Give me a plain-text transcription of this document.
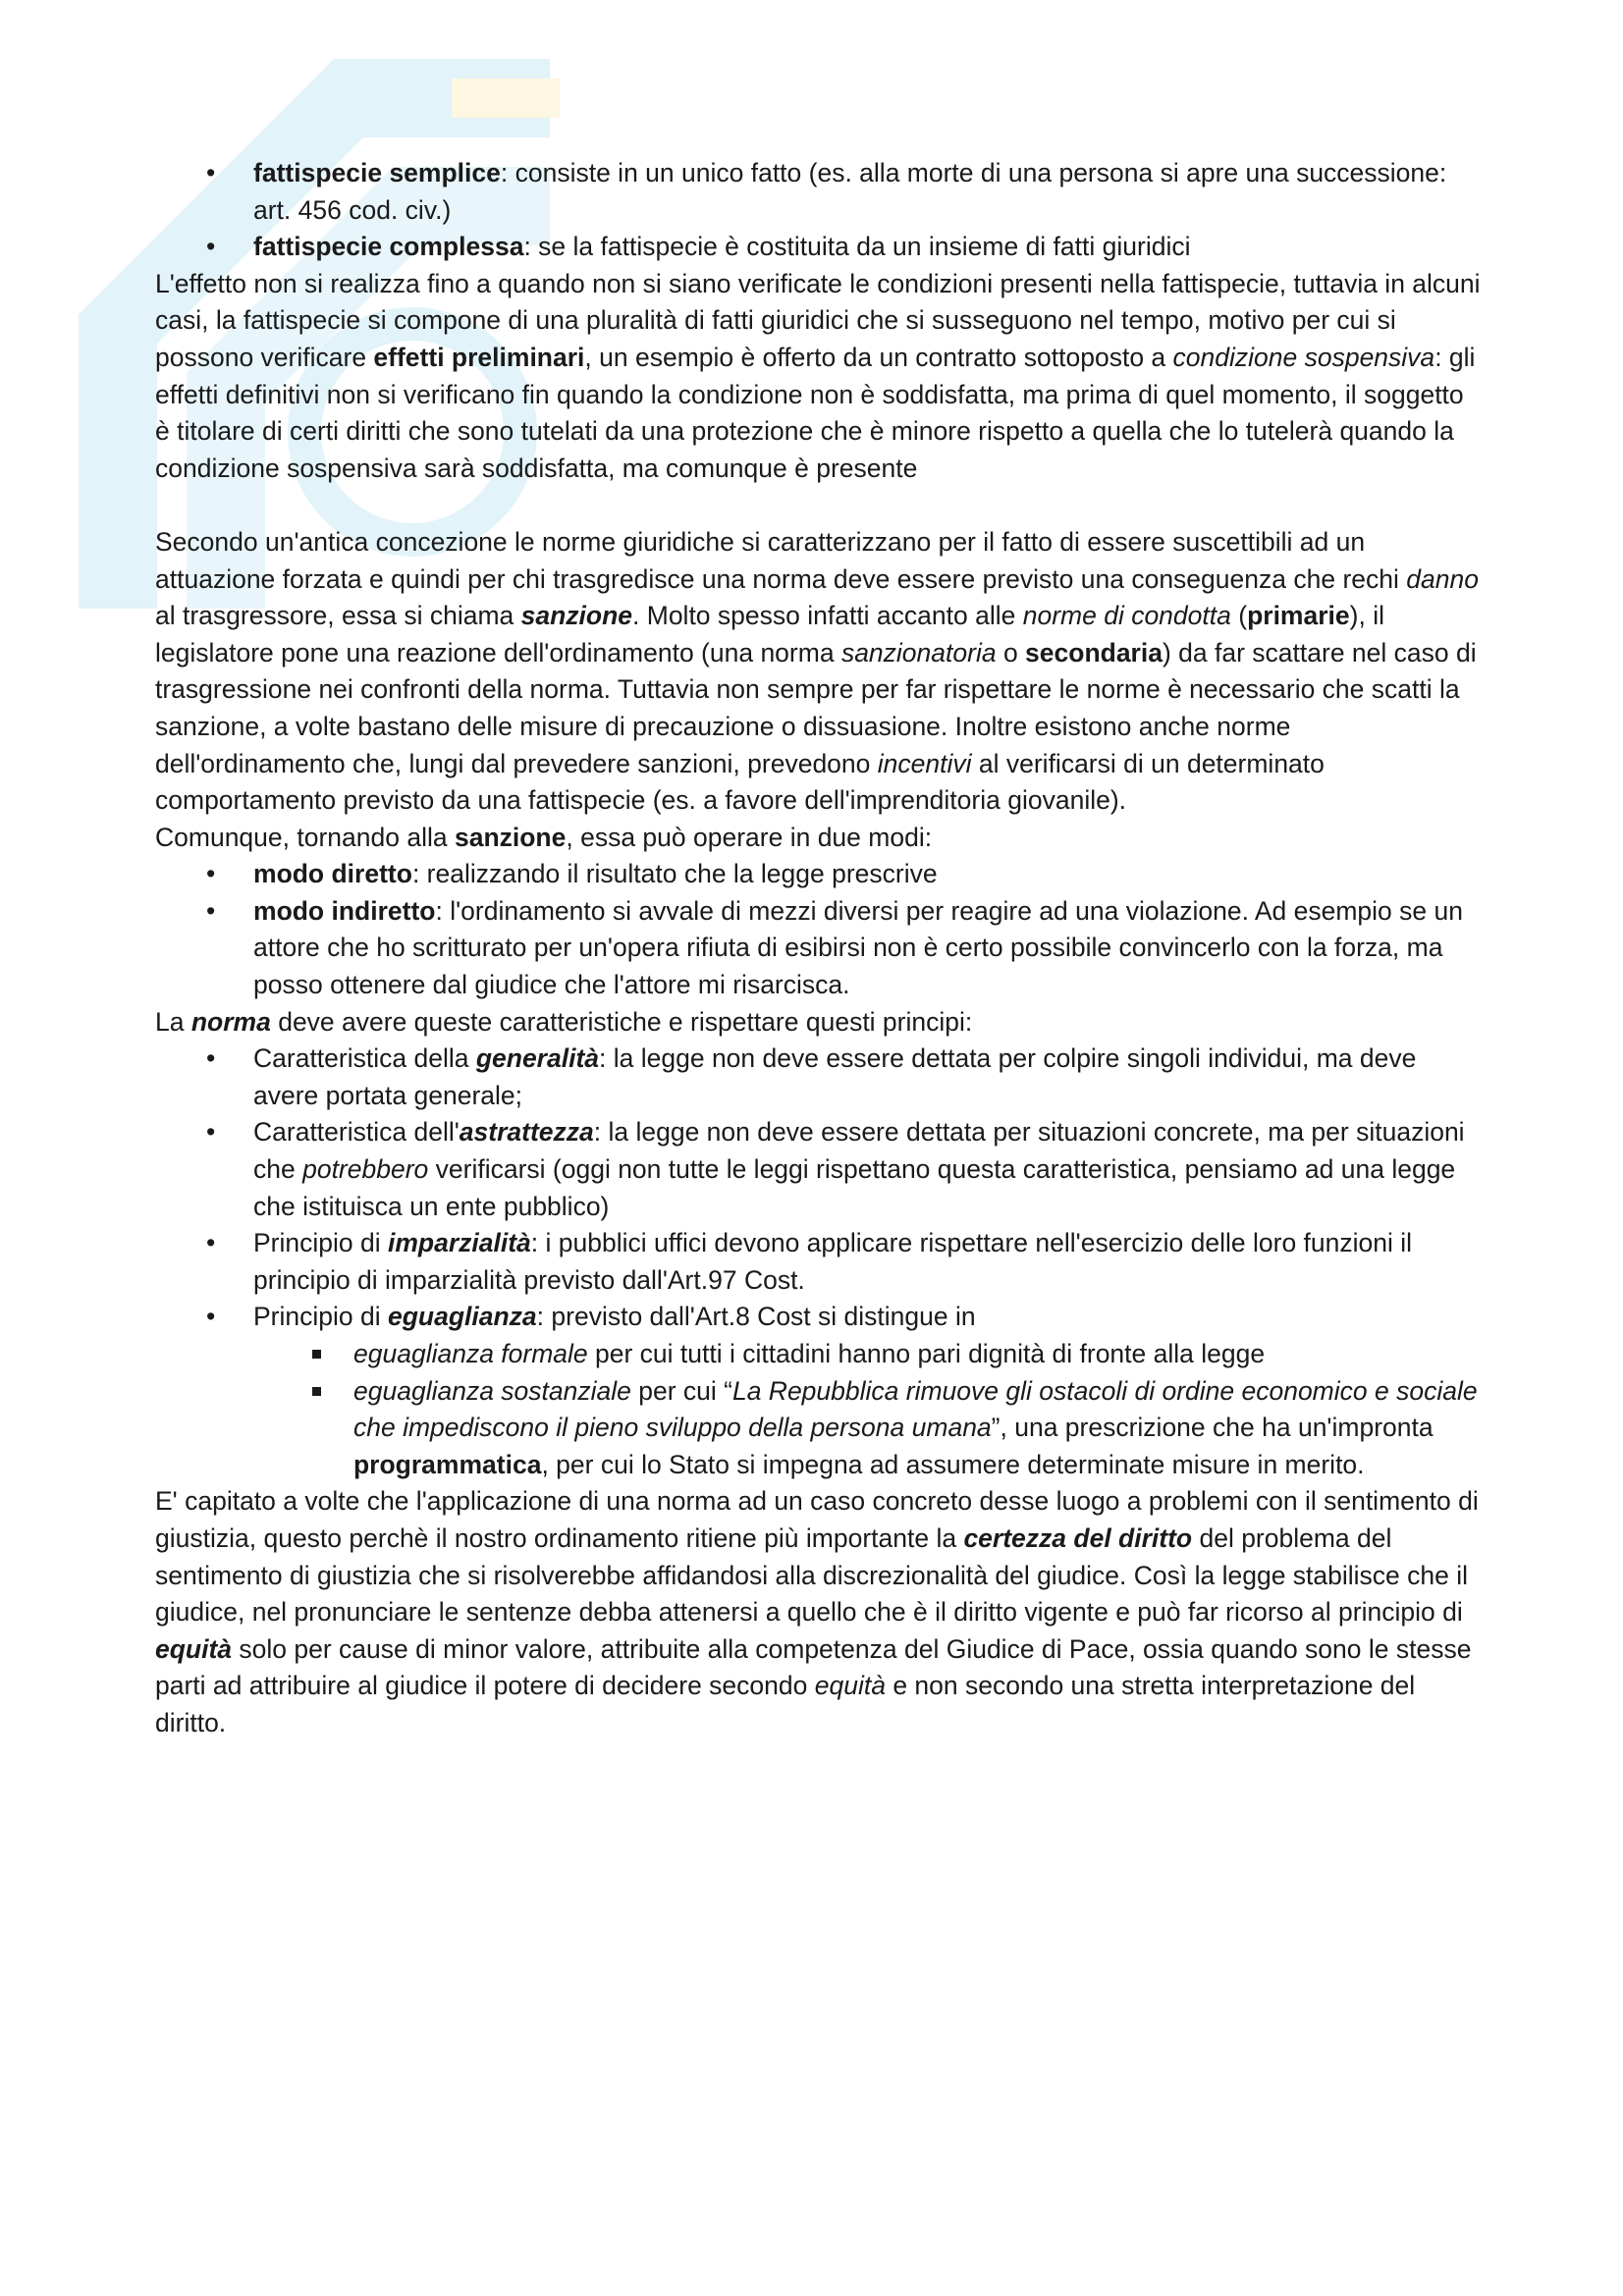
• fattispecie semplice: consiste in un unico fatto (es. alla morte di una persona si apre una successione: art. 456 cod. civ.)
• fattispecie complessa: se la fattispecie è costituita da un insieme di fatti giuridici

L'effetto non si realizza fino a quando non si siano verificate le condizioni presenti nella fattispecie, tuttavia in alcuni casi, la fattispecie si compone di una pluralità di fatti giuridici che si susseguono nel tempo, motivo per cui si possono verificare effetti preliminari, un esempio è offerto da un contratto sottoposto a condizione sospensiva: gli effetti definitivi non si verificano fin quando la condizione non è soddisfatta, ma prima di quel momento, il soggetto è titolare di certi diritti che sono tutelati da una protezione che è minore rispetto a quella che lo tutelerà quando la condizione sospensiva sarà soddisfatta, ma comunque è presente

Secondo un'antica concezione le norme giuridiche si caratterizzano per il fatto di essere suscettibili ad un attuazione forzata e quindi per chi trasgredisce una norma deve essere previsto una conseguenza che rechi danno al trasgressore, essa si chiama sanzione. Molto spesso infatti accanto alle norme di condotta (primarie), il legislatore pone una reazione dell'ordinamento (una norma sanzionatoria o secondaria) da far scattare nel caso di trasgressione nei confronti della norma. Tuttavia non sempre per far rispettare le norme è necessario che scatti la sanzione, a volte bastano delle misure di precauzione o dissuasione. Inoltre esistono anche norme dell'ordinamento che, lungi dal prevedere sanzioni, prevedono incentivi al verificarsi di un determinato comportamento previsto da una fattispecie (es. a favore dell'imprenditoria giovanile).

Comunque, tornando alla sanzione, essa può operare in due modi:

• modo diretto: realizzando il risultato che la legge prescrive
• modo indiretto: l'ordinamento si avvale di mezzi diversi per reagire ad una violazione. Ad esempio se un attore che ho scritturato per un'opera rifiuta di esibirsi non è certo possibile convincerlo con la forza, ma posso ottenere dal giudice che l'attore mi risarcisca.

La norma deve avere queste caratteristiche e rispettare questi principi:

• Caratteristica della generalità: la legge non deve essere dettata per colpire singoli individui, ma deve avere portata generale;
• Caratteristica dell'astrattezza: la legge non deve essere dettata per situazioni concrete, ma per situazioni che potrebbero verificarsi (oggi non tutte le leggi rispettano questa caratteristica, pensiamo ad una legge che istituisca un ente pubblico)
• Principio di imparzialità: i pubblici uffici devono applicare rispettare nell'esercizio delle loro funzioni il principio di imparzialità previsto dall'Art.97 Cost.
• Principio di eguaglianza: previsto dall'Art.8 Cost si distingue in
eguaglianza formale per cui tutti i cittadini hanno pari dignità di fronte alla legge
eguaglianza sostanziale per cui “La Repubblica rimuove gli ostacoli di ordine economico e sociale che impediscono il pieno sviluppo della persona umana”, una prescrizione che ha un'impronta programmatica, per cui lo Stato si impegna ad assumere determinate misure in merito.

E' capitato a volte che l'applicazione di una norma ad un caso concreto desse luogo a problemi con il sentimento di giustizia, questo perchè il nostro ordinamento ritiene più importante la certezza del diritto del problema del sentimento di giustizia che si risolverebbe affidandosi alla discrezionalità del giudice. Così la legge stabilisce che il giudice, nel pronunciare le sentenze debba attenersi a quello che è il diritto vigente e può far ricorso al principio di equità solo per cause di minor valore, attribuite alla competenza del Giudice di Pace, ossia quando sono le stesse parti ad attribuire al giudice il potere di decidere secondo equità e non secondo una stretta interpretazione del diritto.
